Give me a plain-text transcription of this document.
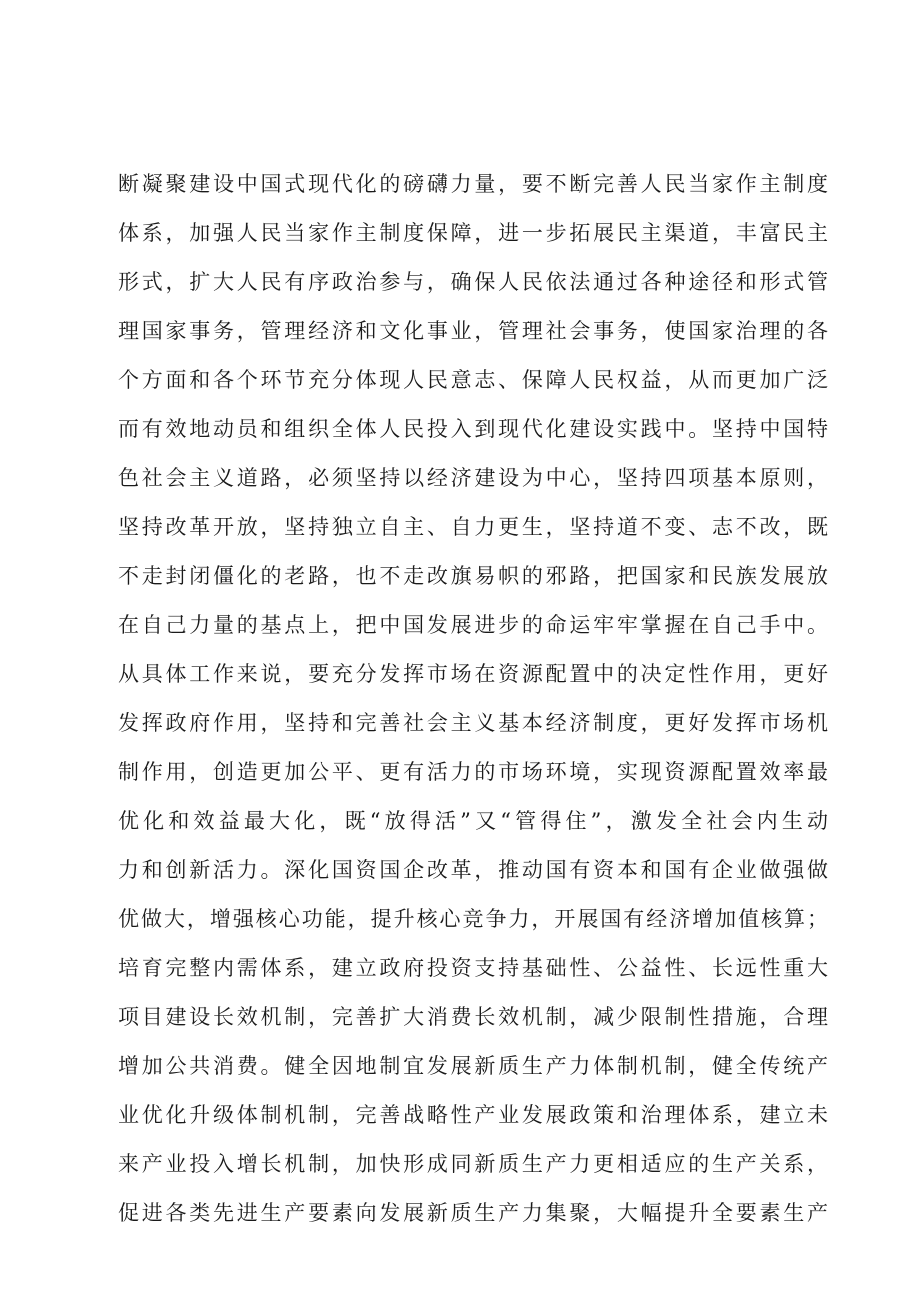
断凝聚建设中国式现代化的磅礴力量，要不断完善人民当家作主制度
体系，加强人民当家作主制度保障，进一步拓展民主渠道，丰富民主
形式，扩大人民有序政治参与，确保人民依法通过各种途径和形式管
理国家事务，管理经济和文化事业，管理社会事务，使国家治理的各
个方面和各个环节充分体现人民意志、保障人民权益，从而更加广泛
而有效地动员和组织全体人民投入到现代化建设实践中。坚持中国特
色社会主义道路，必须坚持以经济建设为中心，坚持四项基本原则，
坚持改革开放，坚持独立自主、自力更生，坚持道不变、志不改，既
不走封闭僵化的老路，也不走改旗易帜的邪路，把国家和民族发展放
在自己力量的基点上，把中国发展进步的命运牢牢掌握在自己手中。
从具体工作来说，要充分发挥市场在资源配置中的决定性作用，更好
发挥政府作用，坚持和完善社会主义基本经济制度，更好发挥市场机
制作用，创造更加公平、更有活力的市场环境，实现资源配置效率最
优化和效益最大化，既“放得活”又“管得住”，激发全社会内生动
力和创新活力。深化国资国企改革，推动国有资本和国有企业做强做
优做大，增强核心功能，提升核心竞争力，开展国有经济增加值核算；
培育完整内需体系，建立政府投资支持基础性、公益性、长远性重大
项目建设长效机制，完善扩大消费长效机制，减少限制性措施，合理
增加公共消费。健全因地制宜发展新质生产力体制机制，健全传统产
业优化升级体制机制，完善战略性产业发展政策和治理体系，建立未
来产业投入增长机制，加快形成同新质生产力更相适应的生产关系，
促进各类先进生产要素向发展新质生产力集聚，大幅提升全要素生产
